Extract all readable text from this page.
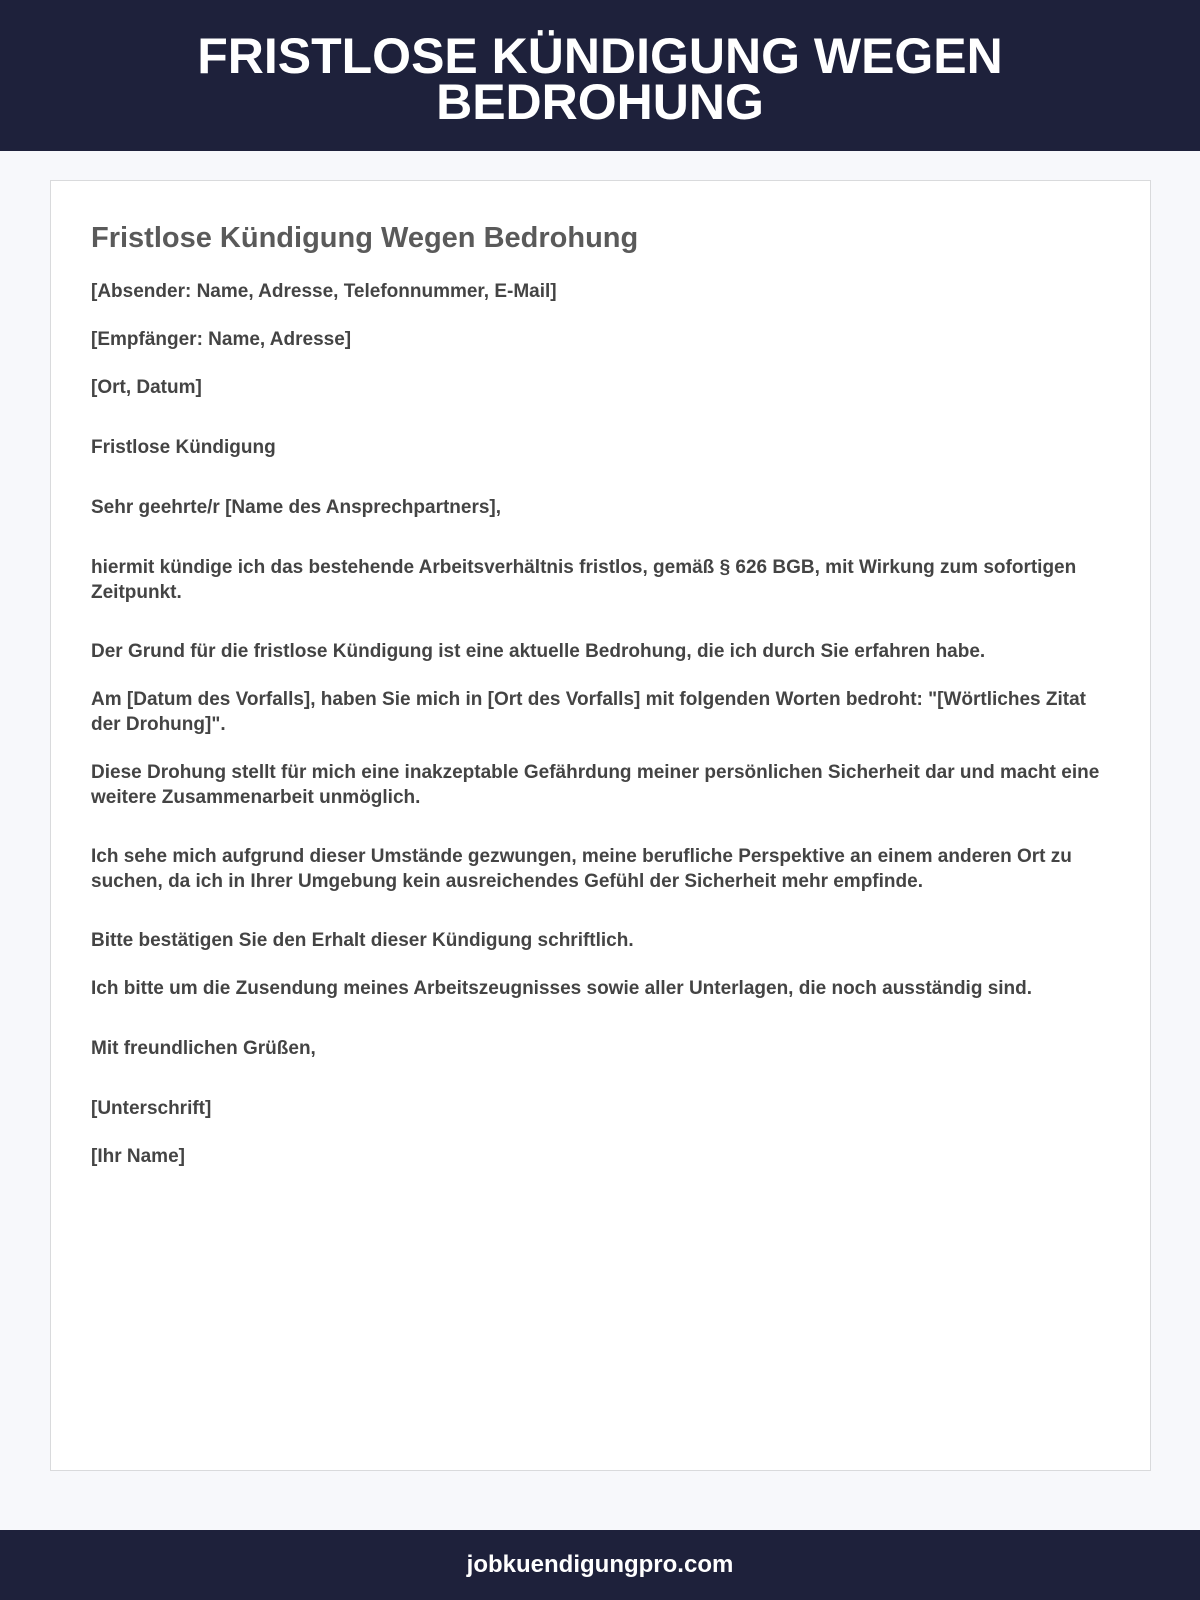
FRISTLOSE KÜNDIGUNG WEGEN BEDROHUNG
Fristlose Kündigung Wegen Bedrohung
[Absender: Name, Adresse, Telefonnummer, E-Mail]
[Empfänger: Name, Adresse]
[Ort, Datum]
Fristlose Kündigung
Sehr geehrte/r [Name des Ansprechpartners],
hiermit kündige ich das bestehende Arbeitsverhältnis fristlos, gemäß § 626 BGB, mit Wirkung zum sofortigen Zeitpunkt.
Der Grund für die fristlose Kündigung ist eine aktuelle Bedrohung, die ich durch Sie erfahren habe.
Am [Datum des Vorfalls], haben Sie mich in [Ort des Vorfalls] mit folgenden Worten bedroht: "[Wörtliches Zitat der Drohung]".
Diese Drohung stellt für mich eine inakzeptable Gefährdung meiner persönlichen Sicherheit dar und macht eine weitere Zusammenarbeit unmöglich.
Ich sehe mich aufgrund dieser Umstände gezwungen, meine berufliche Perspektive an einem anderen Ort zu suchen, da ich in Ihrer Umgebung kein ausreichendes Gefühl der Sicherheit mehr empfinde.
Bitte bestätigen Sie den Erhalt dieser Kündigung schriftlich.
Ich bitte um die Zusendung meines Arbeitszeugnisses sowie aller Unterlagen, die noch ausständig sind.
Mit freundlichen Grüßen,
[Unterschrift]
[Ihr Name]
jobkuendigungpro.com
